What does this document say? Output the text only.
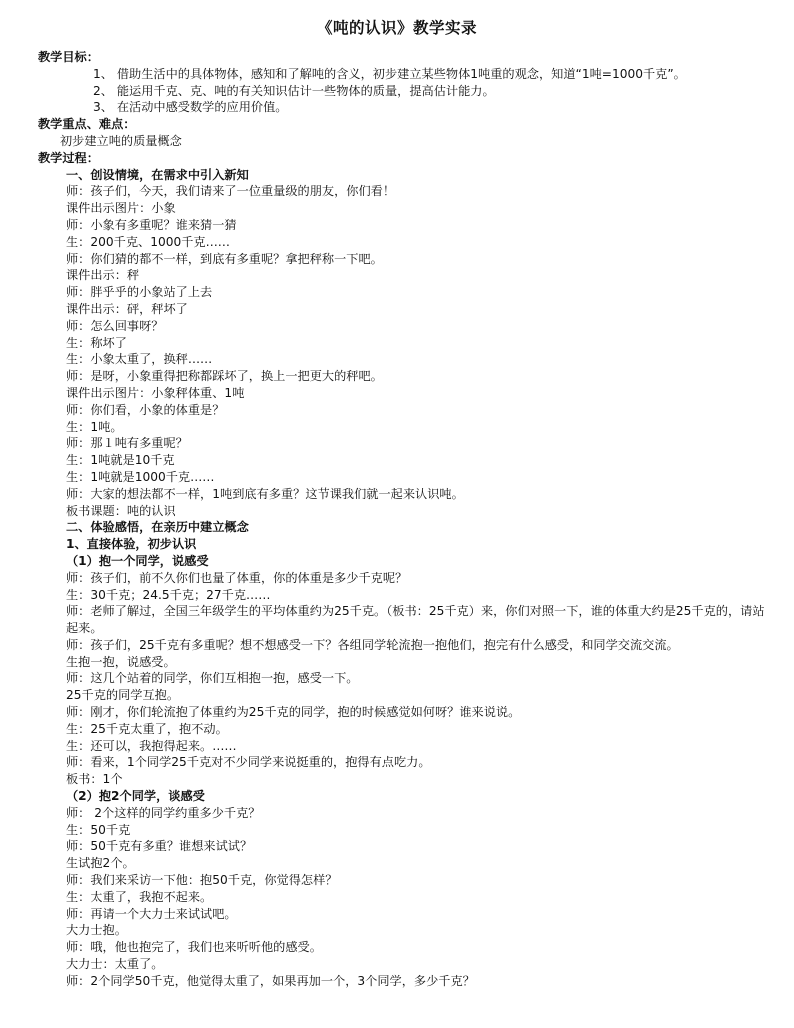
《吨的认识》教学实录
教学目标：
1、 借助生活中的具体物体，感知和了解吨的含义，初步建立某些物体1吨重的观念，知道“1吨=1000千克”。
2、 能运用千克、克、吨的有关知识估计一些物体的质量，提高估计能力。
3、 在活动中感受数学的应用价值。
教学重点、难点：
初步建立吨的质量概念
教学过程：
一、创设情境，在需求中引入新知
师：孩子们，今天，我们请来了一位重量级的朋友，你们看！
课件出示图片：小象
师：小象有多重呢？谁来猜一猜
生：200千克、1000千克……
师：你们猜的都不一样，到底有多重呢？拿把秤称一下吧。
课件出示：秤
师：胖乎乎的小象站了上去
课件出示：砰，秤坏了
师：怎么回事呀？
生：称坏了
生：小象太重了，换秤……
师：是呀，小象重得把称都踩坏了，换上一把更大的秤吧。
课件出示图片：小象秤体重、1吨
师：你们看，小象的体重是？
生：1吨。
师：那１吨有多重呢？
生：1吨就是10千克
生：1吨就是1000千克……
师：大家的想法都不一样，1吨到底有多重？这节课我们就一起来认识吨。
板书课题：吨的认识
二、体验感悟，在亲历中建立概念
1、直接体验，初步认识
（1）抱一个同学，说感受
师：孩子们，前不久你们也量了体重，你的体重是多少千克呢？
生：30千克；24.5千克；27千克……
师：老师了解过，全国三年级学生的平均体重约为25千克。（板书：25千克）来，你们对照一下，谁的体重大约是25千克的，请站起来。
师：孩子们，25千克有多重呢？想不想感受一下？各组同学轮流抱一抱他们，抱完有什么感受，和同学交流交流。
生抱一抱，说感受。
师：这几个站着的同学，你们互相抱一抱，感受一下。
25千克的同学互抱。
师：刚才，你们轮流抱了体重约为25千克的同学，抱的时候感觉如何呀？谁来说说。
生：25千克太重了，抱不动。
生：还可以，我抱得起来。……
师：看来，1个同学25千克对不少同学来说挺重的，抱得有点吃力。
板书：1个
（2）抱2个同学，谈感受
师： 2个这样的同学约重多少千克？
生：50千克
师：50千克有多重？谁想来试试？
生试抱2个。
师：我们来采访一下他：抱50千克，你觉得怎样？
生：太重了，我抱不起来。
师：再请一个大力士来试试吧。
大力士抱。
师：哦，他也抱完了，我们也来听听他的感受。
大力士：太重了。
师：2个同学50千克，他觉得太重了，如果再加一个，3个同学，多少千克？
